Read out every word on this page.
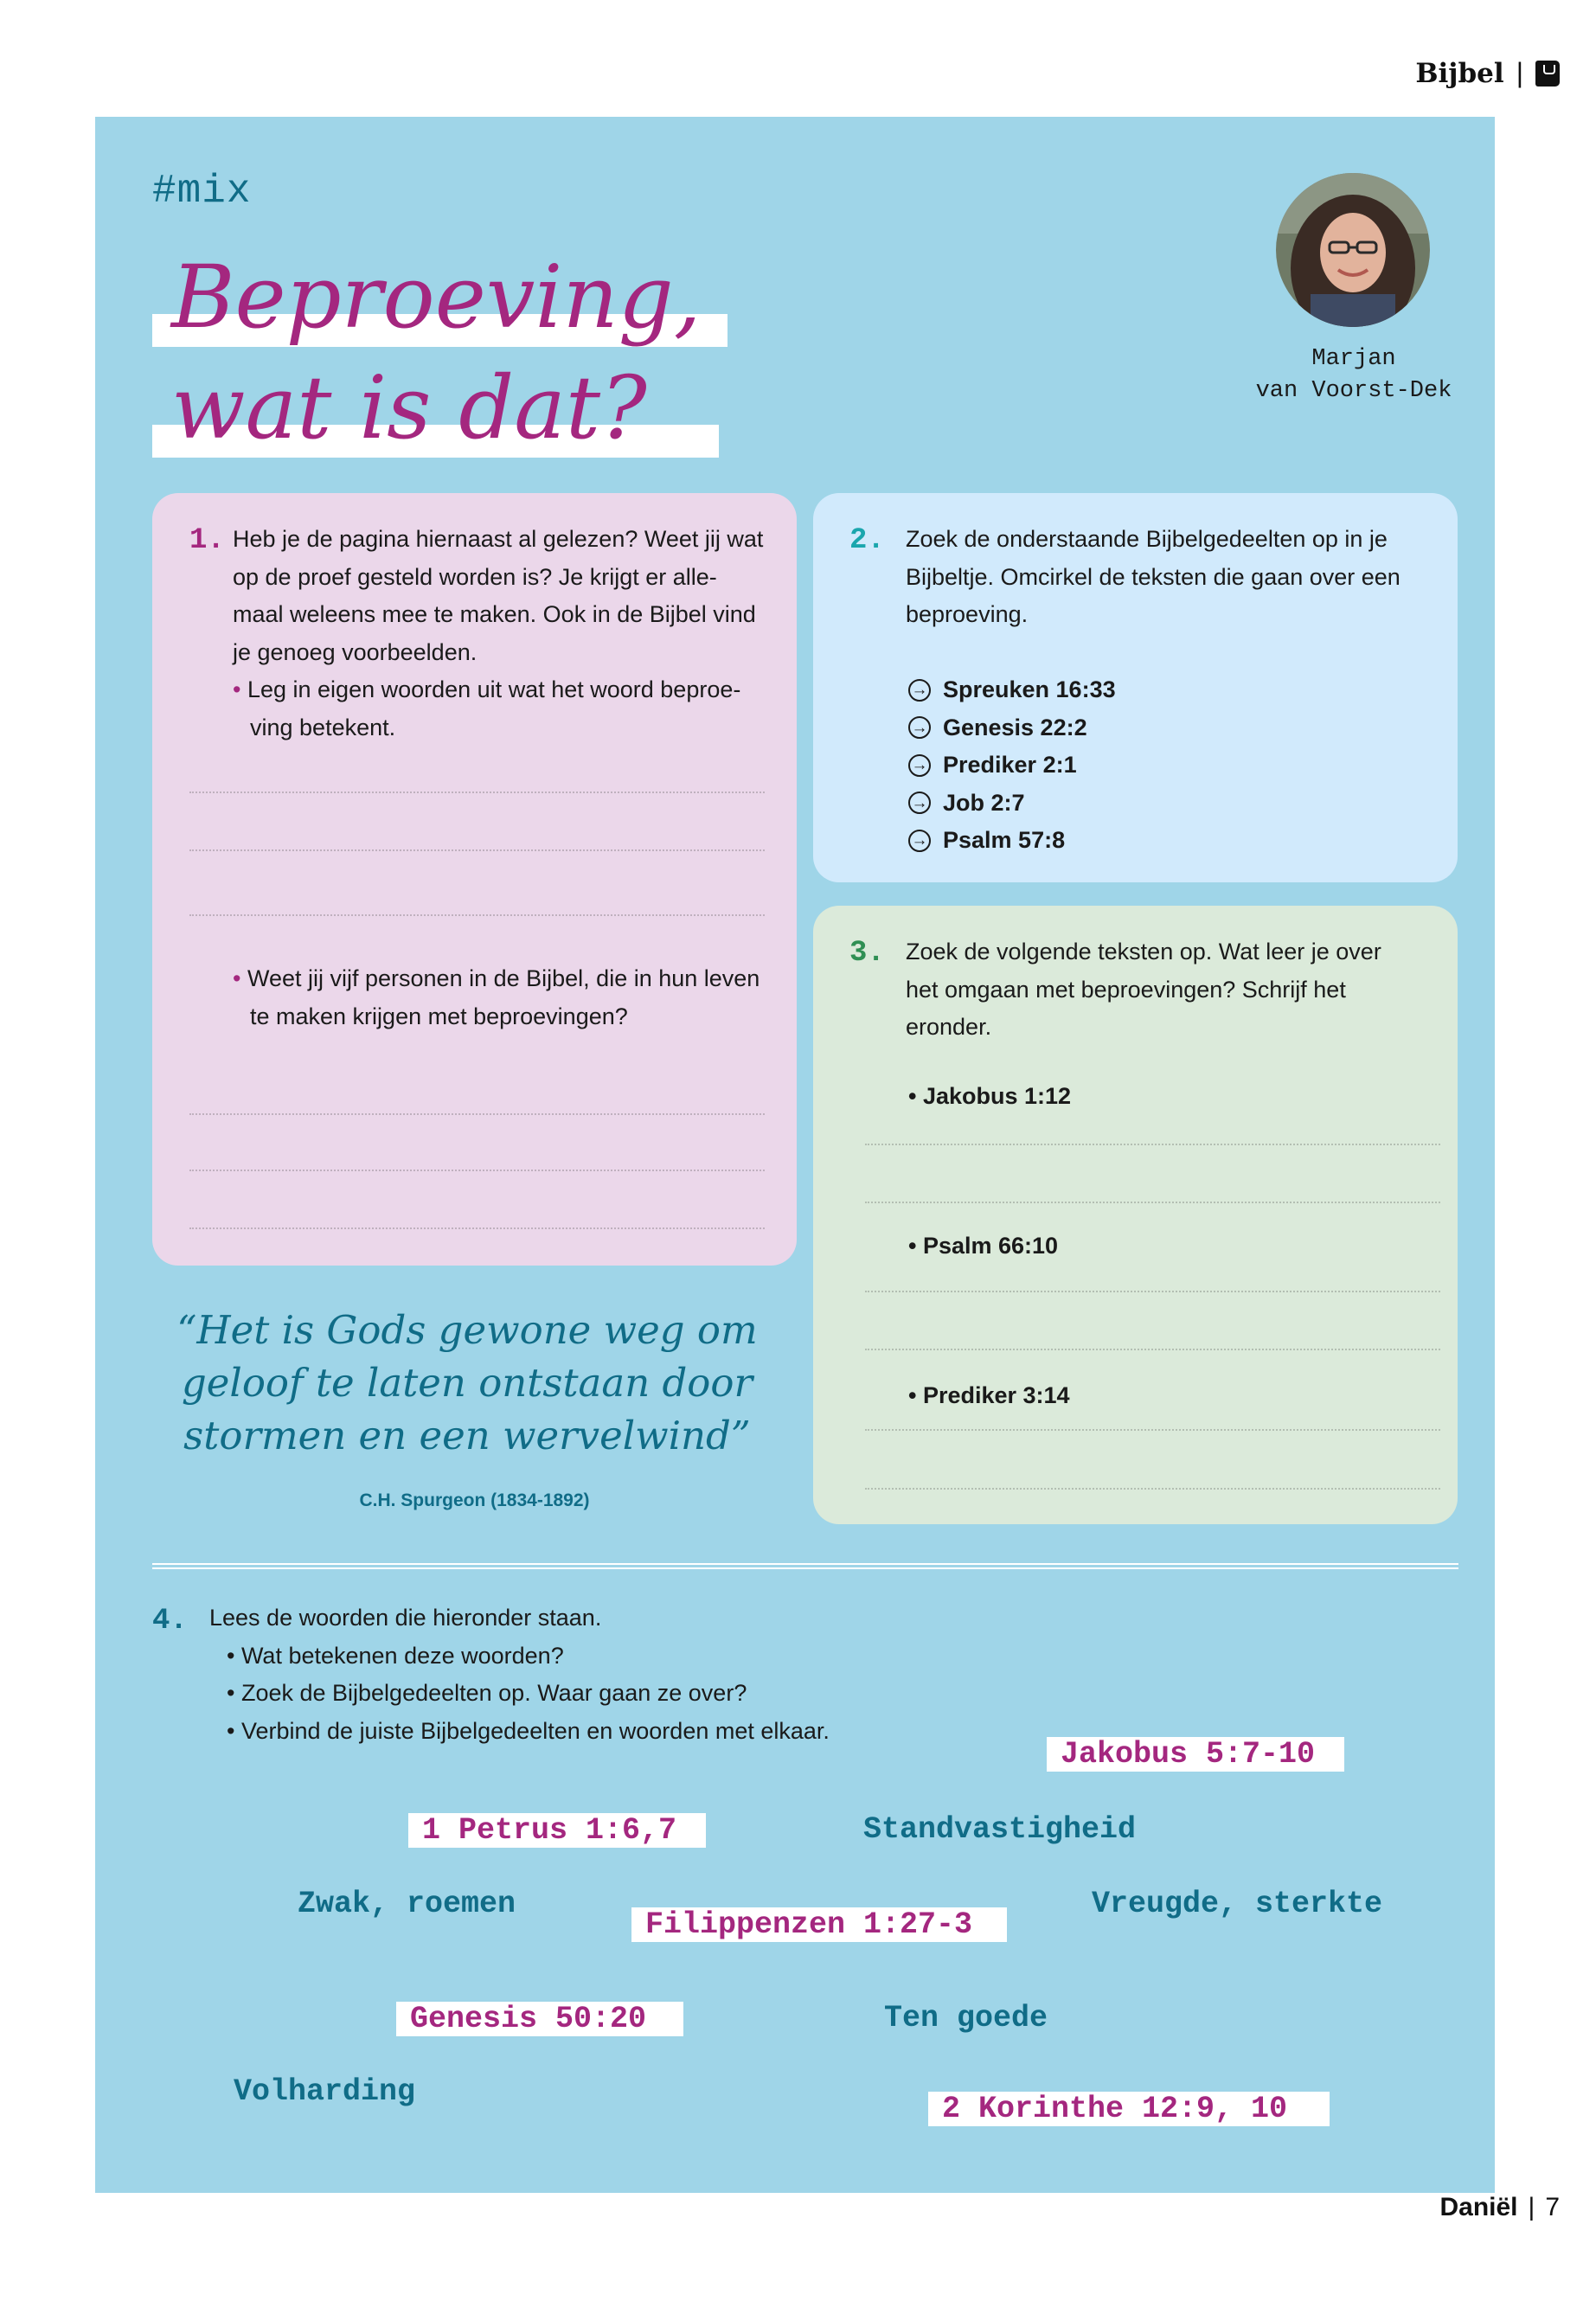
Bijbel |
#mix
Beproeving,
wat is dat?	Marjan
van Voorst-Dek
1. Heb je de pagina hiernaast al gelezen? Weet jij wat
op de proef gesteld worden is? Je krijgt er alle-
maal weleens mee te maken. Ook in de Bijbel vind
je genoeg voorbeelden.
• Leg in eigen woorden uit wat het woord beproe-
ving betekent.
• Weet jij vijf personen in de Bijbel, die in hun leven
te maken krijgen met beproevingen?
2. Zoek de onderstaande Bijbelgedeelten op in je
Bijbeltje. Omcirkel de teksten die gaan over een
beproeving.
→ Spreuken 16:33
→ Genesis 22:2
→ Prediker 2:1
→ Job 2:7
→ Psalm 57:8
3. Zoek de volgende teksten op. Wat leer je over
het omgaan met beproevingen? Schrijf het
eronder.
• Jakobus 1:12
• Psalm 66:10
• Prediker 3:14
“Het is Gods gewone weg om
geloof te laten ontstaan door
stormen en een wervelwind”
C.H. Spurgeon (1834-1892)
4. Lees de woorden die hieronder staan.
• Wat betekenen deze woorden?
• Zoek de Bijbelgedeelten op. Waar gaan ze over?
• Verbind de juiste Bijbelgedeelten en woorden met elkaar.
Jakobus 5:7-10
1 Petrus 1:6,7
Filippenzen 1:27-3
Genesis 50:20
2 Korinthe 12:9, 10
Standvastigheid
Zwak, roemen	Vreugde, sterkte
Ten goede
Volharding
Daniël | 7
